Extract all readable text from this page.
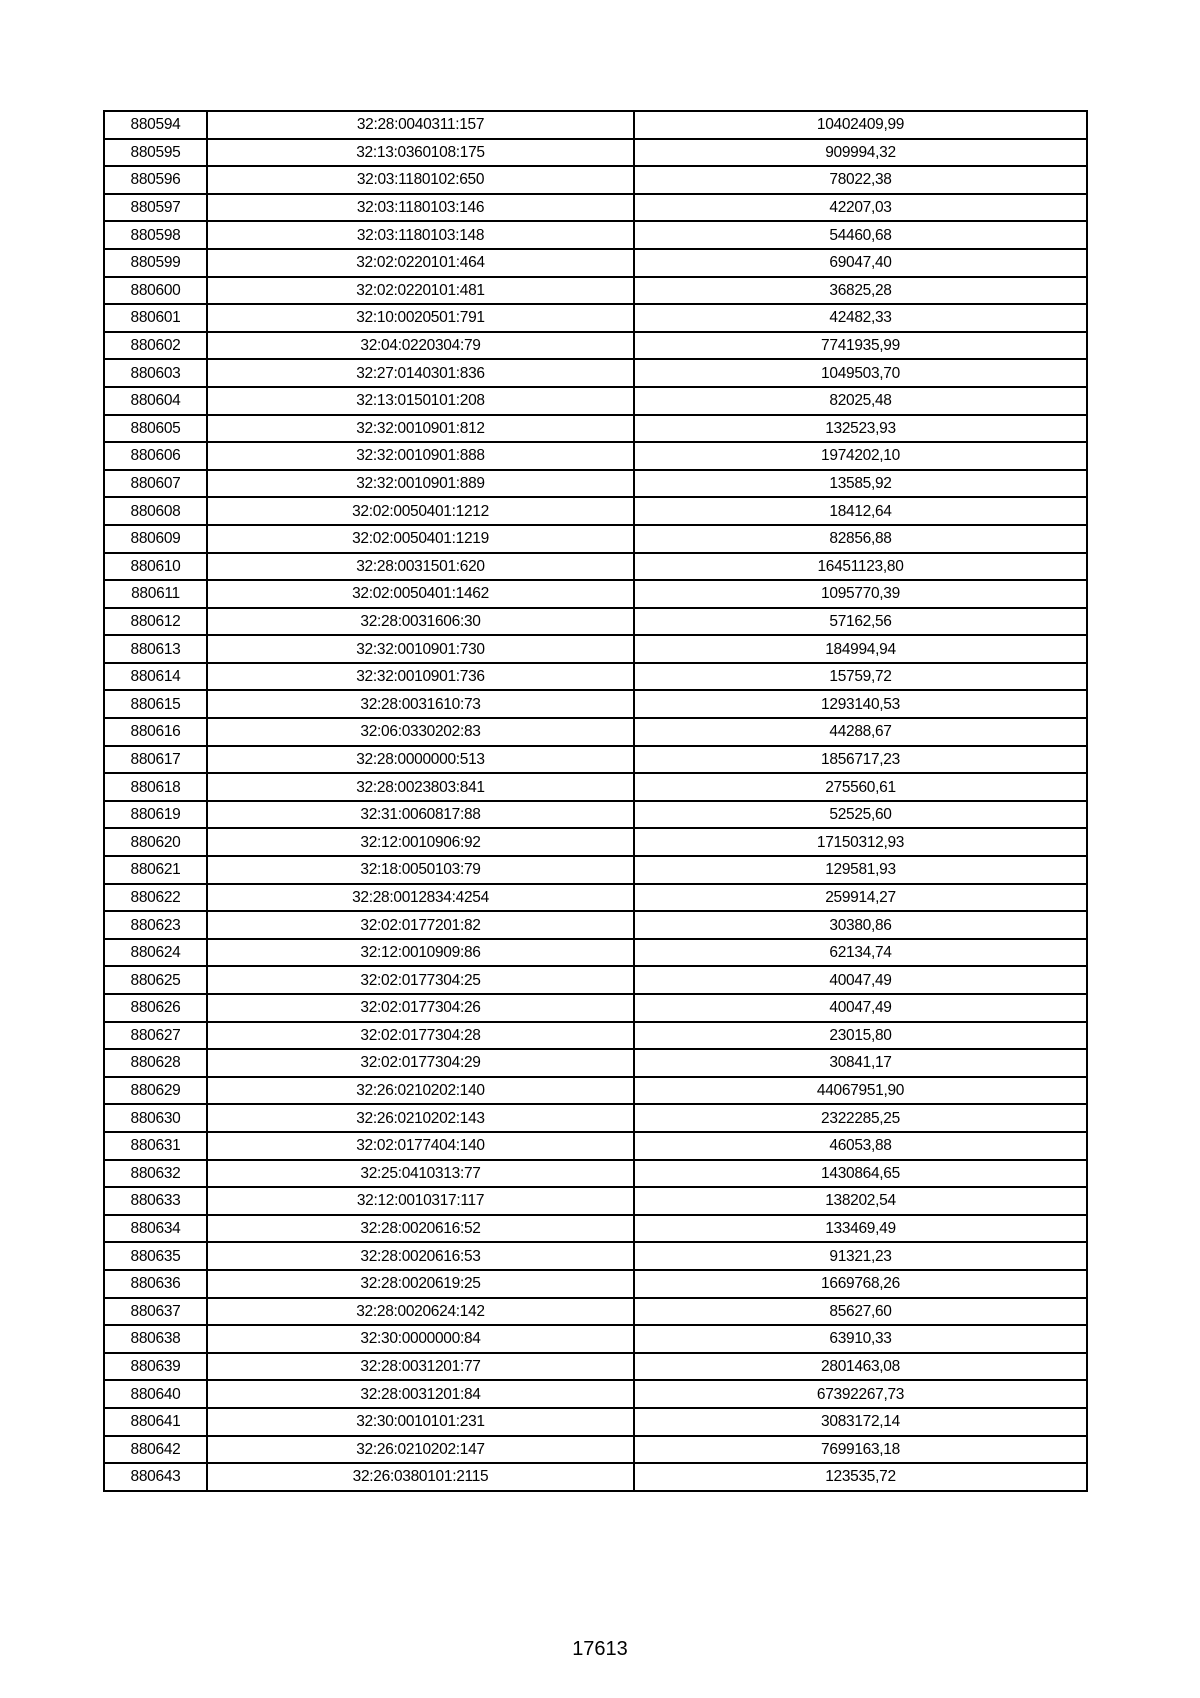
880594	32:28:0040311:157	10402409,99
880595	32:13:0360108:175	909994,32
880596	32:03:1180102:650	78022,38
880597	32:03:1180103:146	42207,03
880598	32:03:1180103:148	54460,68
880599	32:02:0220101:464	69047,40
880600	32:02:0220101:481	36825,28
880601	32:10:0020501:791	42482,33
880602	32:04:0220304:79	7741935,99
880603	32:27:0140301:836	1049503,70
880604	32:13:0150101:208	82025,48
880605	32:32:0010901:812	132523,93
880606	32:32:0010901:888	1974202,10
880607	32:32:0010901:889	13585,92
880608	32:02:0050401:1212	18412,64
880609	32:02:0050401:1219	82856,88
880610	32:28:0031501:620	16451123,80
880611	32:02:0050401:1462	1095770,39
880612	32:28:0031606:30	57162,56
880613	32:32:0010901:730	184994,94
880614	32:32:0010901:736	15759,72
880615	32:28:0031610:73	1293140,53
880616	32:06:0330202:83	44288,67
880617	32:28:0000000:513	1856717,23
880618	32:28:0023803:841	275560,61
880619	32:31:0060817:88	52525,60
880620	32:12:0010906:92	17150312,93
880621	32:18:0050103:79	129581,93
880622	32:28:0012834:4254	259914,27
880623	32:02:0177201:82	30380,86
880624	32:12:0010909:86	62134,74
880625	32:02:0177304:25	40047,49
880626	32:02:0177304:26	40047,49
880627	32:02:0177304:28	23015,80
880628	32:02:0177304:29	30841,17
880629	32:26:0210202:140	44067951,90
880630	32:26:0210202:143	2322285,25
880631	32:02:0177404:140	46053,88
880632	32:25:0410313:77	1430864,65
880633	32:12:0010317:117	138202,54
880634	32:28:0020616:52	133469,49
880635	32:28:0020616:53	91321,23
880636	32:28:0020619:25	1669768,26
880637	32:28:0020624:142	85627,60
880638	32:30:0000000:84	63910,33
880639	32:28:0031201:77	2801463,08
880640	32:28:0031201:84	67392267,73
880641	32:30:0010101:231	3083172,14
880642	32:26:0210202:147	7699163,18
880643	32:26:0380101:2115	123535,72
17613
